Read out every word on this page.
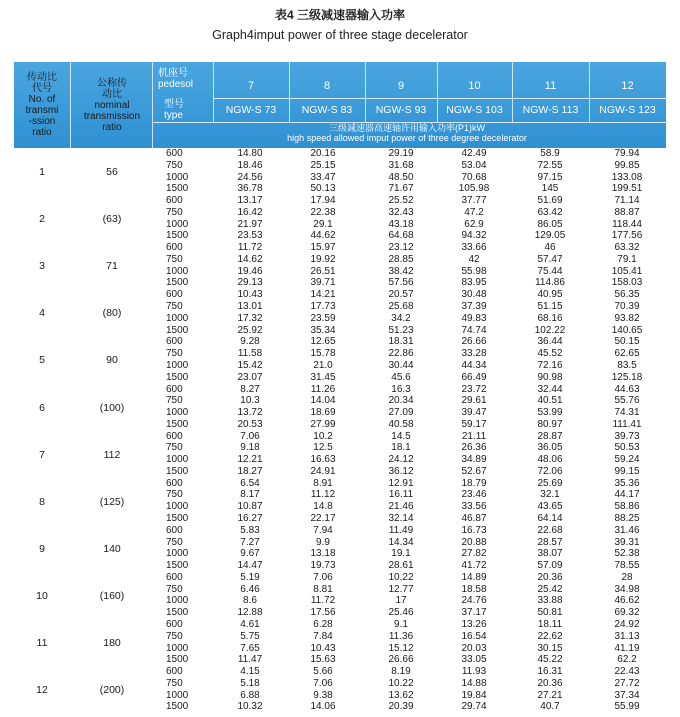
表4 三级减速器输入功率
Graph4imput power of three stage decelerator
传动比
代号
No. of
transmi
-ssion
ratio
公称传
动比
nominal
transmission
ratio
机座号
pedesol
型号
type
7	8	9	10	11	12
NGW-S 73	NGW-S 83	NGW-S 93	NGW-S 103	NGW-S 113	NGW-S 123
三级减速器高速轴许用输入功率(P1)kW
high speed allowed imput power of three degree decelerator
1	56
600	14.80	20.16	29.19	42.49	58.9	79.94
750	18.46	25.15	31.68	53.04	72.55	99.85
1000	24.56	33.47	48.50	70.68	97.15	133.08
1500	36.78	50.13	71.67	105.98	145	199.51
2	(63)
600	13.17	17.94	25.52	37.77	51.69	71.14
750	16.42	22.38	32.43	47.2	63.42	88.87
1000	21.97	29.1	43.18	62.9	86.05	118.44
1500	23.53	44.62	64.68	94.32	129.05	177.56
3	71
600	11.72	15.97	23.12	33.66	46	63.32
750	14.62	19.92	28.85	42	57.47	79.1
1000	19.46	26.51	38.42	55.98	75.44	105.41
1500	29.13	39.71	57.56	83.95	114.86	158.03
4	(80)
600	10.43	14.21	20.57	30.48	40.95	56.35
750	13.01	17.73	25.68	37.39	51.15	70.39
1000	17.32	23.59	34.2	49.83	68.16	93.82
1500	25.92	35.34	51.23	74.74	102.22	140.65
5	90
600	9.28	12.65	18.31	26.66	36.44	50.15
750	11.58	15.78	22.86	33.28	45.52	62.65
1000	15.42	21.0	30.44	44.34	72.16	83.5
1500	23.07	31.45	45.6	66.49	90.98	125.18
6	(100)
600	8.27	11.26	16.3	23.72	32.44	44.63
750	10.3	14.04	20.34	29.61	40.51	55.76
1000	13.72	18.69	27.09	39.47	53.99	74.31
1500	20.53	27.99	40.58	59.17	80.97	111.41
7	112
600	7.06	10.2	14.5	21.11	28.87	39.73
750	9.18	12.5	18.1	26.36	36.05	50.53
1000	12.21	16.63	24.12	34.89	48.06	59.24
1500	18.27	24.91	36.12	52.67	72.06	99.15
8	(125)
600	6.54	8.91	12.91	18.79	25.69	35.36
750	8.17	11.12	16.11	23.46	32.1	44.17
1000	10.87	14.8	21.46	33.56	43.65	58.86
1500	16.27	22.17	32.14	46.87	64.14	88.25
9	140
600	5.83	7.94	11.49	16.73	22.68	31.46
750	7.27	9.9	14.34	20.88	28.57	39.31
1000	9.67	13.18	19.1	27.82	38.07	52.38
1500	14.47	19.73	28.61	41.72	57.09	78.55
10	(160)
600	5.19	7.06	10.22	14.89	20.36	28
750	6.46	8.81	12.77	18.58	25.42	34.98
1000	8.6	11.72	17	24.76	33.88	46.62
1500	12.88	17.56	25.46	37.17	50.81	69.32
11	180
600	4.61	6.28	9.1	13.26	18.11	24.92
750	5.75	7.84	11.36	16.54	22.62	31.13
1000	7.65	10.43	15.12	20.03	30.15	41.19
1500	11.47	15.63	26.66	33.05	45.22	62.2
12	(200)
600	4.15	5.66	8.19	11.93	16.31	22.43
750	5.18	7.06	10.22	14.88	20.36	27.72
1000	6.88	9.38	13.62	19.84	27.21	37.34
1500	10.32	14.06	20.39	29.74	40.7	55.99
